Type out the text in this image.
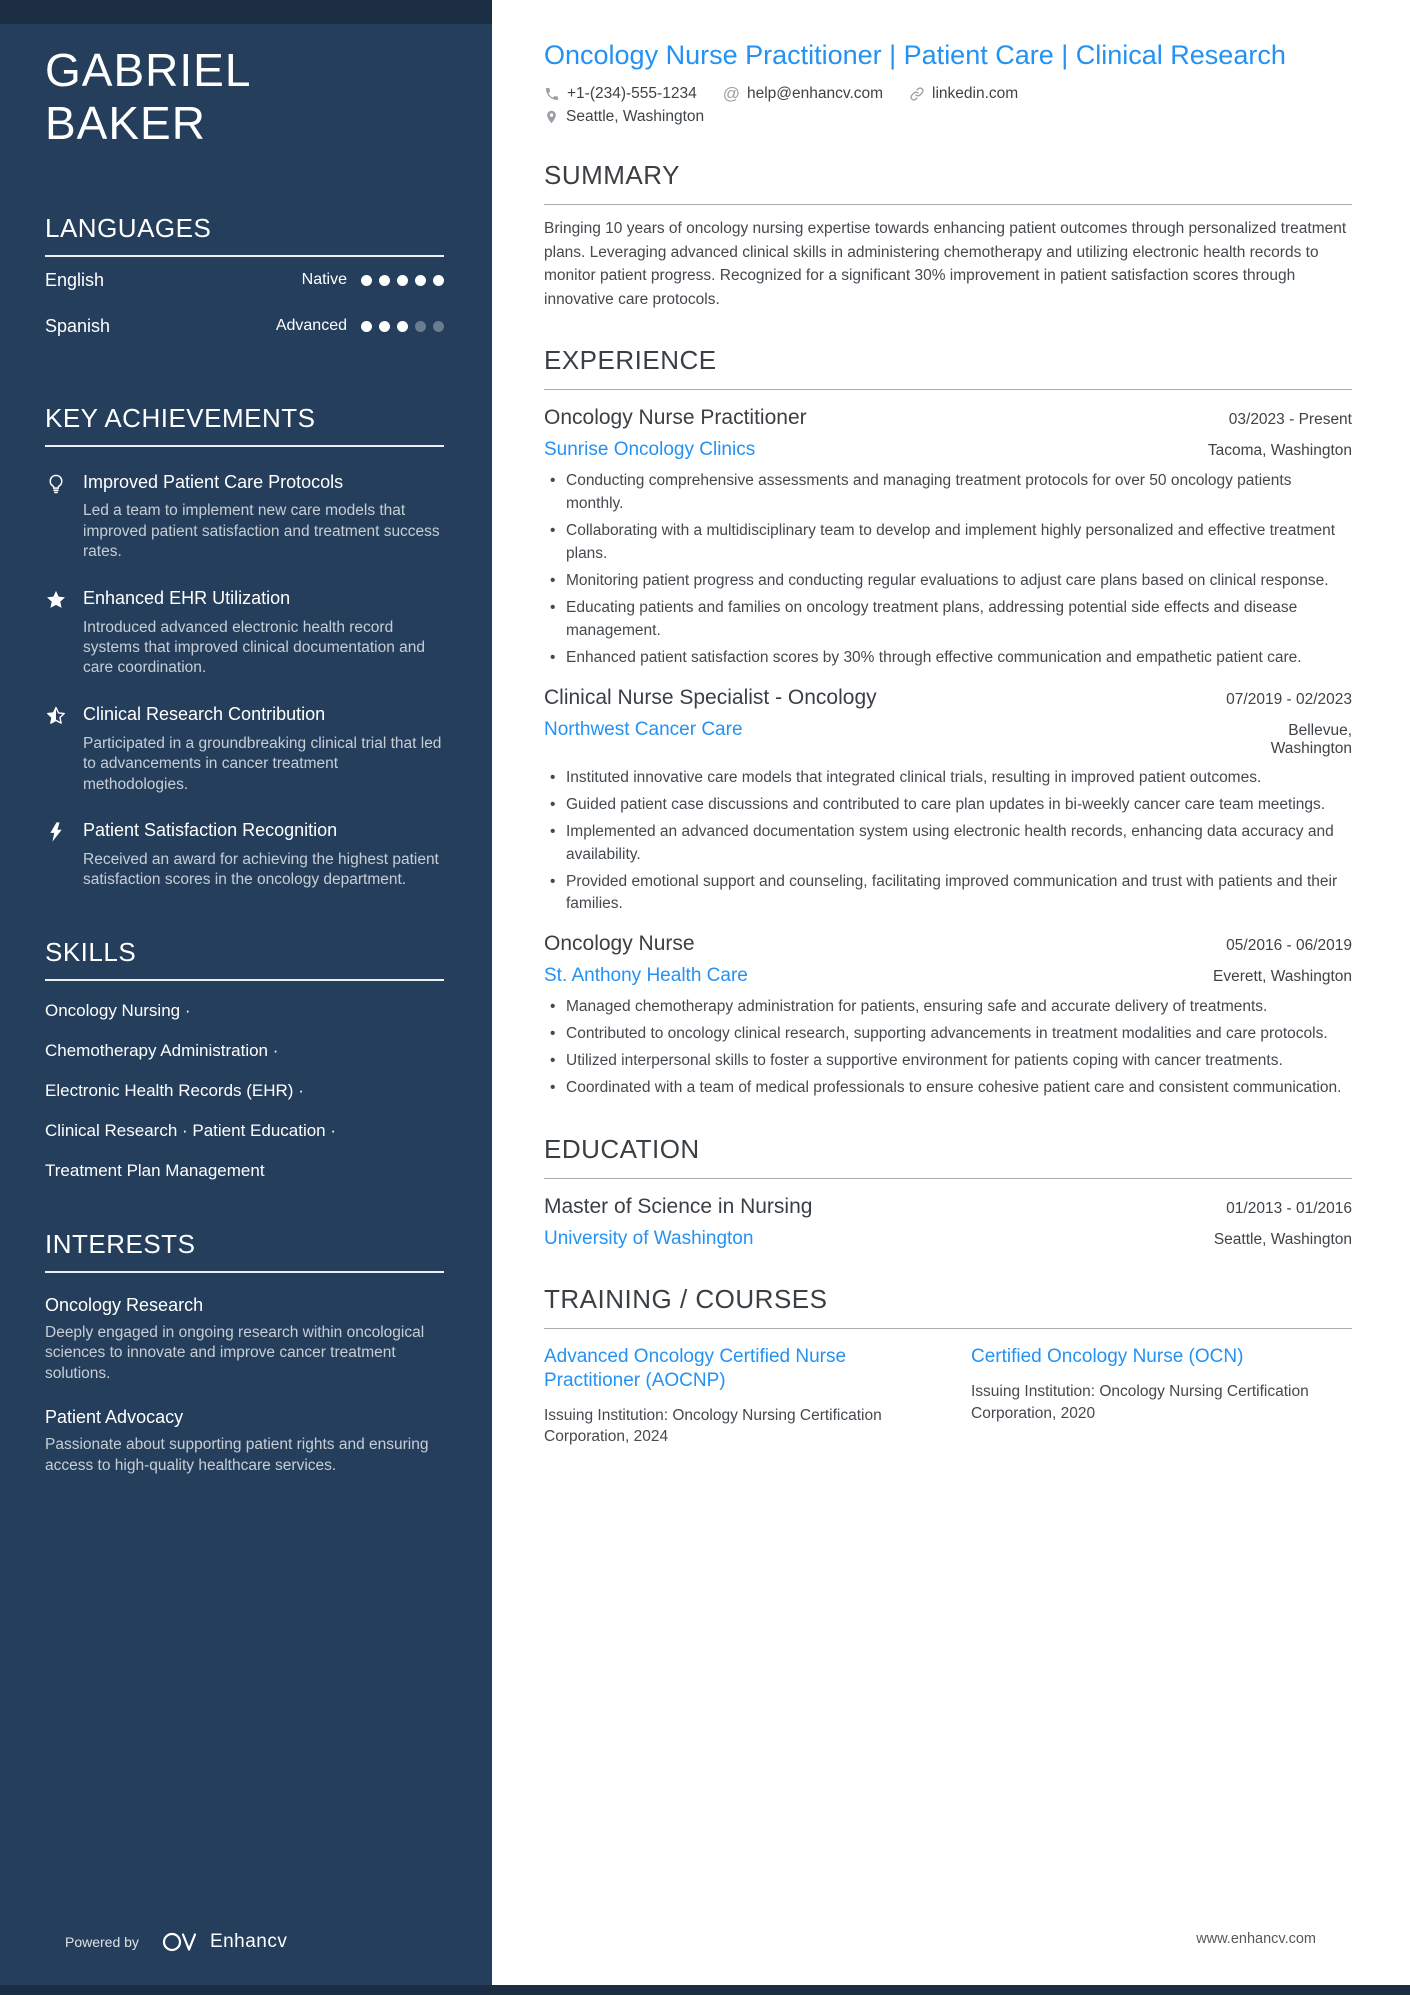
GABRIEL
BAKER
LANGUAGES
English	Native
Spanish	Advanced
KEY ACHIEVEMENTS
Improved Patient Care Protocols
Led a team to implement new care models that improved patient satisfaction and treatment success rates.
Enhanced EHR Utilization
Introduced advanced electronic health record systems that improved clinical documentation and care coordination.
Clinical Research Contribution
Participated in a groundbreaking clinical trial that led to advancements in cancer treatment methodologies.
Patient Satisfaction Recognition
Received an award for achieving the highest patient satisfaction scores in the oncology department.
SKILLS
Oncology Nursing ·
Chemotherapy Administration ·
Electronic Health Records (EHR) ·
Clinical Research · Patient Education ·
Treatment Plan Management
INTERESTS
Oncology Research
Deeply engaged in ongoing research within oncological sciences to innovate and improve cancer treatment solutions.
Patient Advocacy
Passionate about supporting patient rights and ensuring access to high-quality healthcare services.
Powered by	Enhancv
Oncology Nurse Practitioner | Patient Care | Clinical Research
+1-(234)-555-1234 @ help@enhancv.com	linkedin.com
Seattle, Washington
SUMMARY

Bringing 10 years of oncology nursing expertise towards enhancing patient outcomes through personalized treatment plans. Leveraging advanced clinical skills in administering chemotherapy and utilizing electronic health records to monitor patient progress. Recognized for a significant 30% improvement in patient satisfaction scores through innovative care protocols.

EXPERIENCE
Oncology Nurse Practitioner	03/2023 - Present
Sunrise Oncology Clinics	Tacoma, Washington
• Conducting comprehensive assessments and managing treatment protocols for over 50 oncology patients monthly.
• Collaborating with a multidisciplinary team to develop and implement highly personalized and effective treatment plans.
• Monitoring patient progress and conducting regular evaluations to adjust care plans based on clinical response.
• Educating patients and families on oncology treatment plans, addressing potential side effects and disease management.
• Enhanced patient satisfaction scores by 30% through effective communication and empathetic patient care.
Clinical Nurse Specialist - Oncology	07/2019 - 02/2023
Northwest Cancer Care	Bellevue, Washington
• Instituted innovative care models that integrated clinical trials, resulting in improved patient outcomes.
• Guided patient case discussions and contributed to care plan updates in bi-weekly cancer care team meetings.
• Implemented an advanced documentation system using electronic health records, enhancing data accuracy and availability.
• Provided emotional support and counseling, facilitating improved communication and trust with patients and their families.
Oncology Nurse	05/2016 - 06/2019
St. Anthony Health Care	Everett, Washington
• Managed chemotherapy administration for patients, ensuring safe and accurate delivery of treatments.
• Contributed to oncology clinical research, supporting advancements in treatment modalities and care protocols.
• Utilized interpersonal skills to foster a supportive environment for patients coping with cancer treatments.
• Coordinated with a team of medical professionals to ensure cohesive patient care and consistent communication.
EDUCATION
Master of Science in Nursing	01/2013 - 01/2016
University of Washington	Seattle, Washington
TRAINING / COURSES
Advanced Oncology Certified Nurse Practitioner (AOCNP)
Issuing Institution: Oncology Nursing Certification Corporation, 2024
Certified Oncology Nurse (OCN)
Issuing Institution: Oncology Nursing Certification Corporation, 2020
www.enhancv.com
